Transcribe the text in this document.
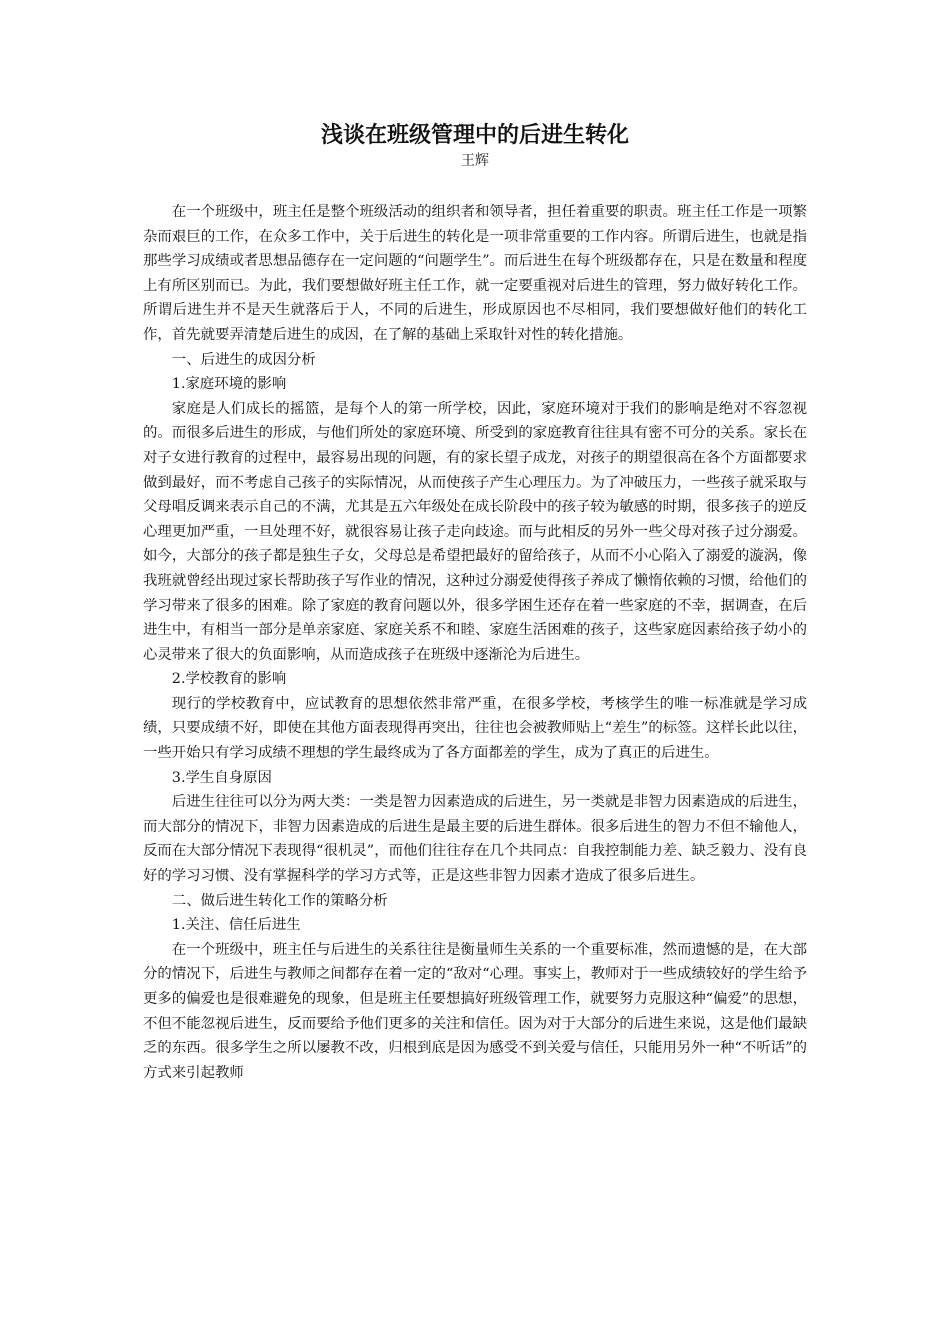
浅谈在班级管理中的后进生转化
王辉

在一个班级中，班主任是整个班级活动的组织者和领导者，担任着重要的职责。班主任工作是一项繁杂而艰巨的工作，在众多工作中，关于后进生的转化是一项非常重要的工作内容。所谓后进生，也就是指那些学习成绩或者思想品德存在一定问题的“问题学生”。而后进生在每个班级都存在，只是在数量和程度上有所区别而已。为此，我们要想做好班主任工作，就一定要重视对后进生的管理，努力做好转化工作。所谓后进生并不是天生就落后于人，不同的后进生，形成原因也不尽相同，我们要想做好他们的转化工作，首先就要弄清楚后进生的成因，在了解的基础上采取针对性的转化措施。

一、后进生的成因分析

1.家庭环境的影响

家庭是人们成长的摇篮，是每个人的第一所学校，因此，家庭环境对于我们的影响是绝对不容忽视的。而很多后进生的形成，与他们所处的家庭环境、所受到的家庭教育往往具有密不可分的关系。家长在对子女进行教育的过程中，最容易出现的问题，有的家长望子成龙，对孩子的期望很高在各个方面都要求做到最好，而不考虑自己孩子的实际情况，从而使孩子产生心理压力。为了冲破压力，一些孩子就采取与父母唱反调来表示自己的不满，尤其是五六年级处在成长阶段中的孩子较为敏感的时期，很多孩子的逆反心理更加严重，一旦处理不好，就很容易让孩子走向歧途。而与此相反的另外一些父母对孩子过分溺爱。如今，大部分的孩子都是独生子女，父母总是希望把最好的留给孩子，从而不小心陷入了溺爱的漩涡，像我班就曾经出现过家长帮助孩子写作业的情况，这种过分溺爱使得孩子养成了懒惰依赖的习惯，给他们的学习带来了很多的困难。除了家庭的教育问题以外，很多学困生还存在着一些家庭的不幸，据调查，在后进生中，有相当一部分是单亲家庭、家庭关系不和睦、家庭生活困难的孩子，这些家庭因素给孩子幼小的心灵带来了很大的负面影响，从而造成孩子在班级中逐渐沦为后进生。

2.学校教育的影响

现行的学校教育中，应试教育的思想依然非常严重，在很多学校，考核学生的唯一标准就是学习成绩，只要成绩不好，即使在其他方面表现得再突出，往往也会被教师贴上“差生”的标签。这样长此以往，一些开始只有学习成绩不理想的学生最终成为了各方面都差的学生，成为了真正的后进生。

3.学生自身原因

后进生往往可以分为两大类：一类是智力因素造成的后进生，另一类就是非智力因素造成的后进生，而大部分的情况下，非智力因素造成的后进生是最主要的后进生群体。很多后进生的智力不但不输他人，反而在大部分情况下表现得“很机灵”，而他们往往存在几个共同点：自我控制能力差、缺乏毅力、没有良好的学习习惯、没有掌握科学的学习方式等，正是这些非智力因素才造成了很多后进生。

二、做后进生转化工作的策略分析

1.关注、信任后进生

在一个班级中，班主任与后进生的关系往往是衡量师生关系的一个重要标准，然而遗憾的是，在大部分的情况下，后进生与教师之间都存在着一定的“敌对“心理。事实上，教师对于一些成绩较好的学生给予更多的偏爱也是很难避免的现象，但是班主任要想搞好班级管理工作，就要努力克服这种“偏爱”的思想，不但不能忽视后进生，反而要给予他们更多的关注和信任。因为对于大部分的后进生来说，这是他们最缺乏的东西。很多学生之所以屡教不改，归根到底是因为感受不到关爱与信任，只能用另外一种“不听话”的方式来引起教师
